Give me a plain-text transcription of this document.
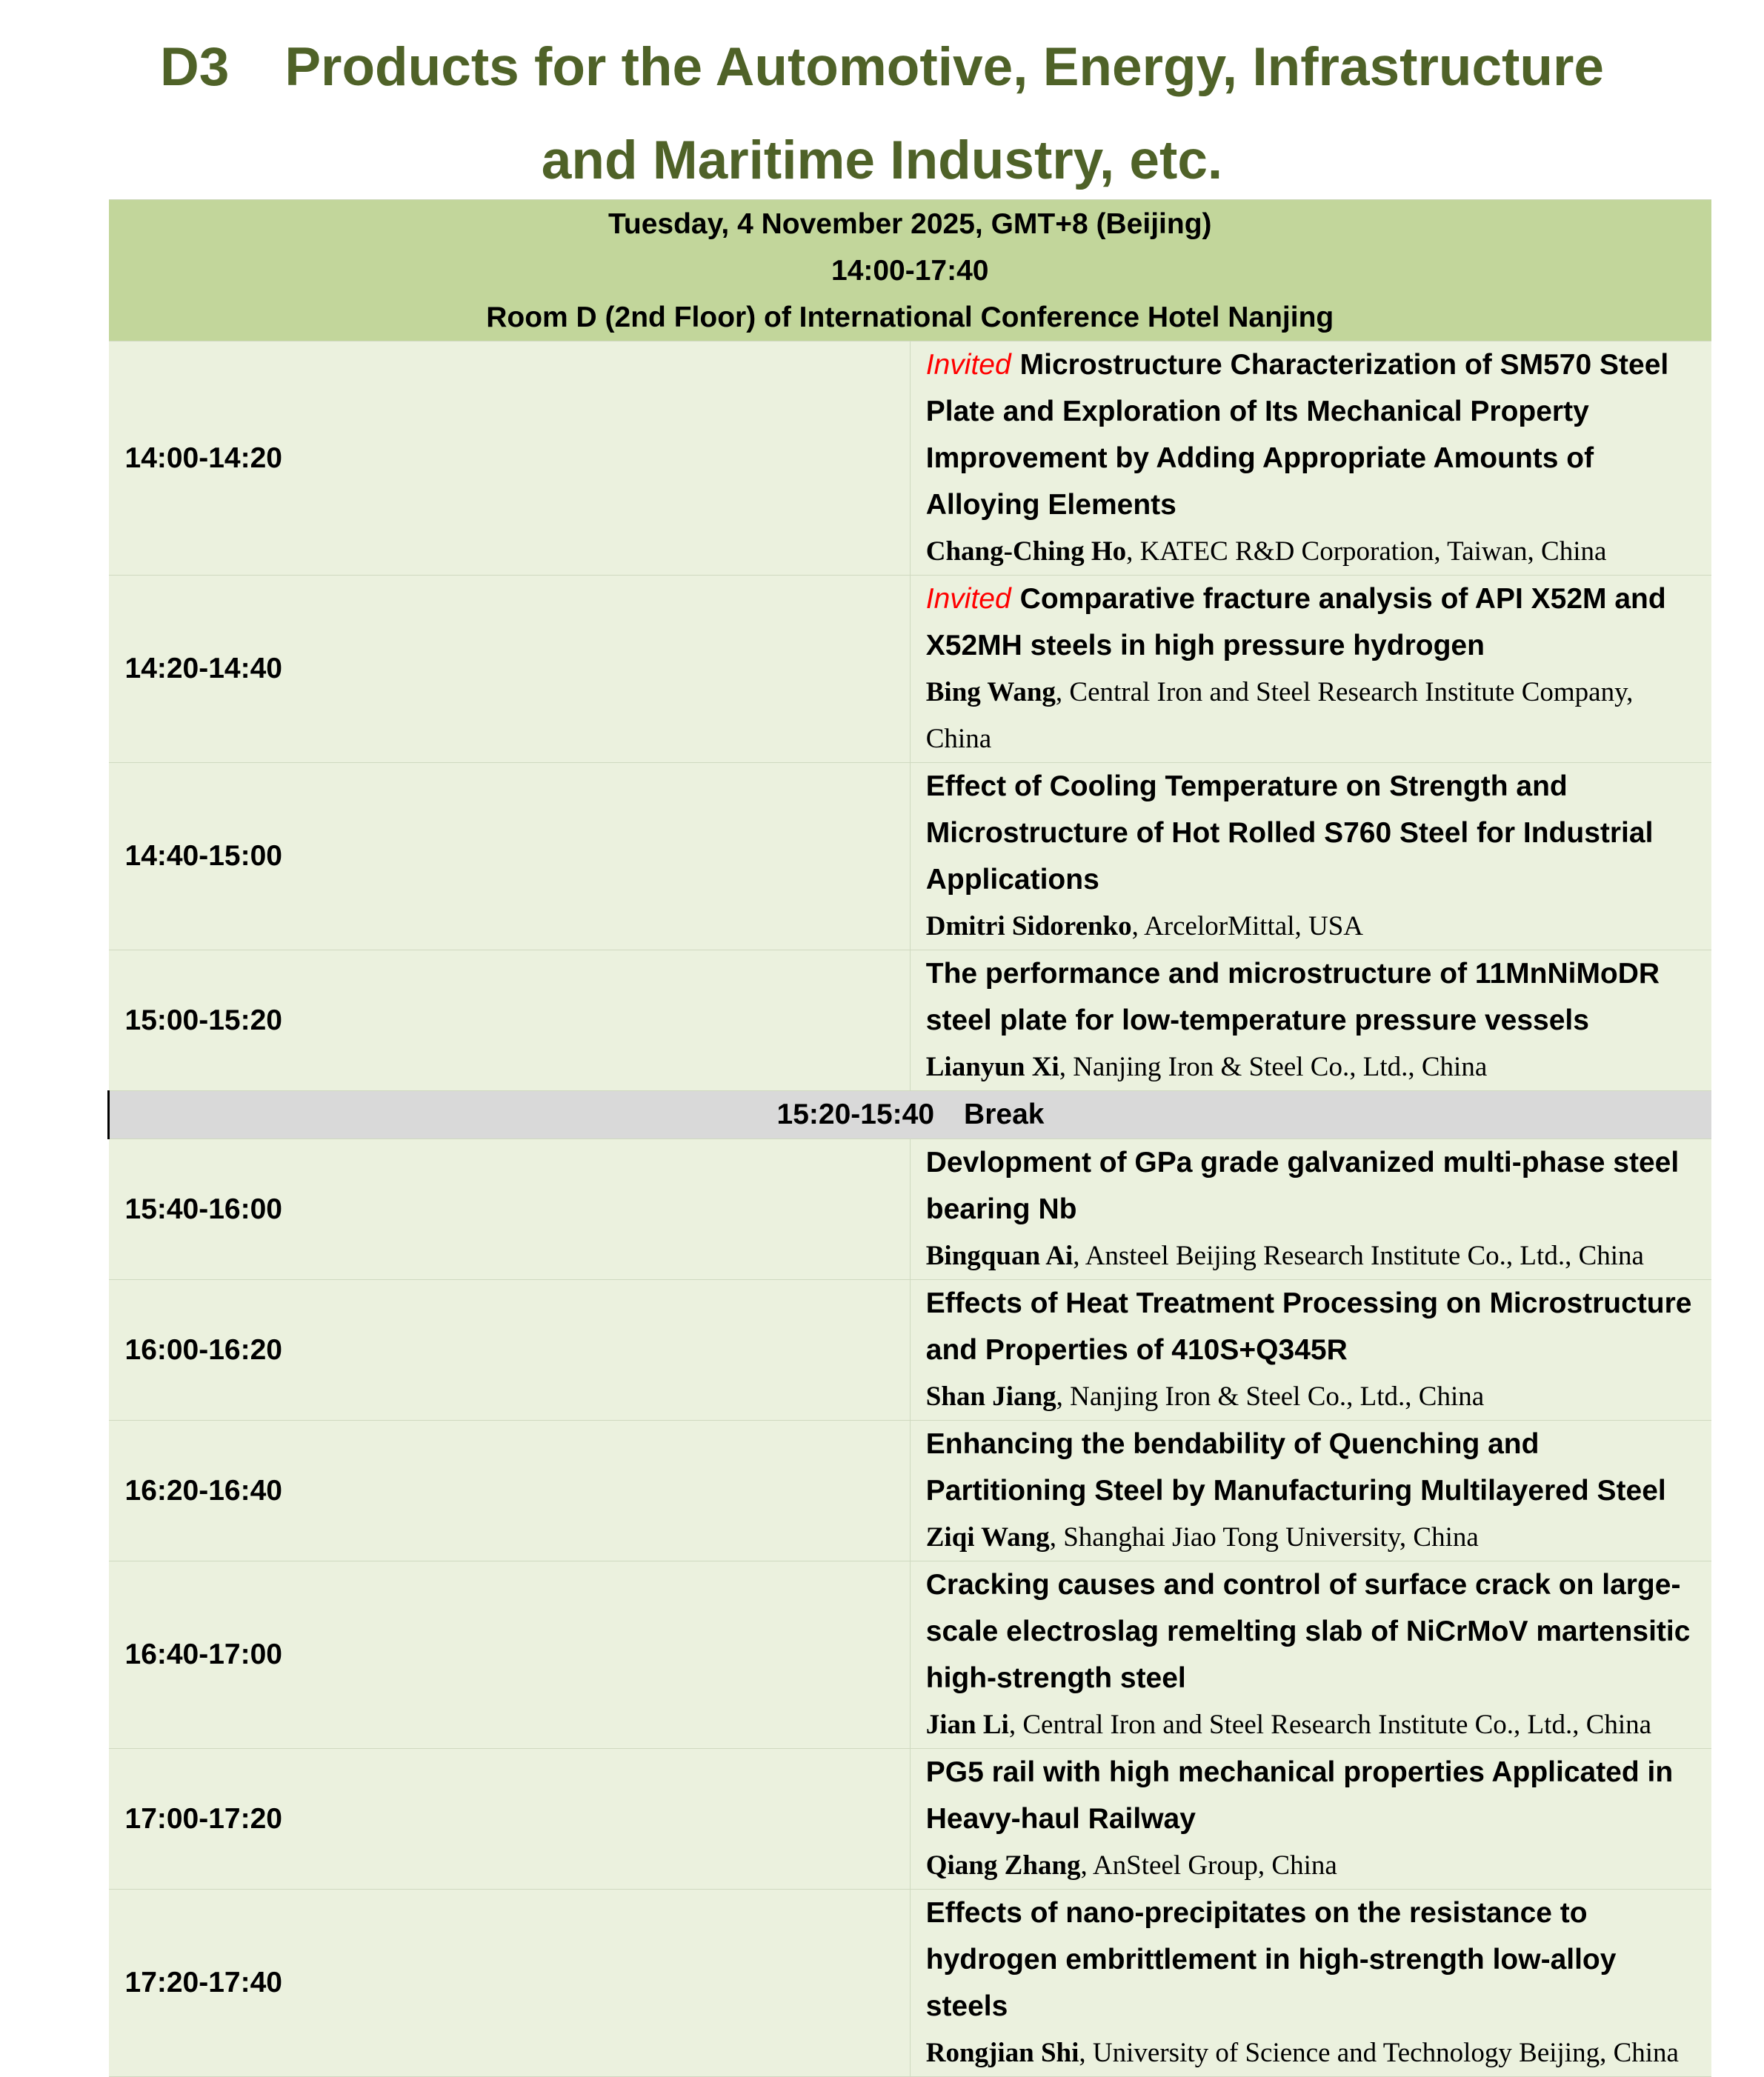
D3 Products for the Automotive, Energy, Infrastructure
and Maritime Industry, etc.
Tuesday, 4 November 2025, GMT+8 (Beijing)
14:00-17:40
Room D (2nd Floor) of International Conference Hotel Nanjing	

14:00-14:20	Invited Microstructure Characterization of SM570 Steel Plate and Exploration of Its Mechanical Property Improvement by Adding Appropriate Amounts of Alloying Elements
Chang-Ching Ho, KATEC R&D Corporation, Taiwan, China

14:20-14:40	Invited Comparative fracture analysis of API X52M and X52MH steels in high pressure hydrogen
Bing Wang, Central Iron and Steel Research Institute Company, China

14:40-15:00	Effect of Cooling Temperature on Strength and Microstructure of Hot Rolled S760 Steel for Industrial Applications
Dmitri Sidorenko, ArcelorMittal, USA

15:00-15:20	The performance and microstructure of 11MnNiMoDR steel plate for low-temperature pressure vessels
Lianyun Xi, Nanjing Iron & Steel Co., Ltd., China

15:20-15:40 Break	
15:40-16:00	Devlopment of GPa grade galvanized multi-phase steel bearing Nb
Bingquan Ai, Ansteel Beijing Research Institute Co., Ltd., China

16:00-16:20	Effects of Heat Treatment Processing on Microstructure and Properties of 410S+Q345R
Shan Jiang, Nanjing Iron & Steel Co., Ltd., China

16:20-16:40	Enhancing the bendability of Quenching and Partitioning Steel by Manufacturing Multilayered Steel
Ziqi Wang, Shanghai Jiao Tong University, China

16:40-17:00	Cracking causes and control of surface crack on large-scale electroslag remelting slab of NiCrMoV martensitic high-strength steel
Jian Li, Central Iron and Steel Research Institute Co., Ltd., China

17:00-17:20	PG5 rail with high mechanical properties Applicated in Heavy-haul Railway
Qiang Zhang, AnSteel Group, China

17:20-17:40	Effects of nano-precipitates on the resistance to hydrogen embrittlement in high-strength low-alloy steels
Rongjian Shi, University of Science and Technology Beijing, China
